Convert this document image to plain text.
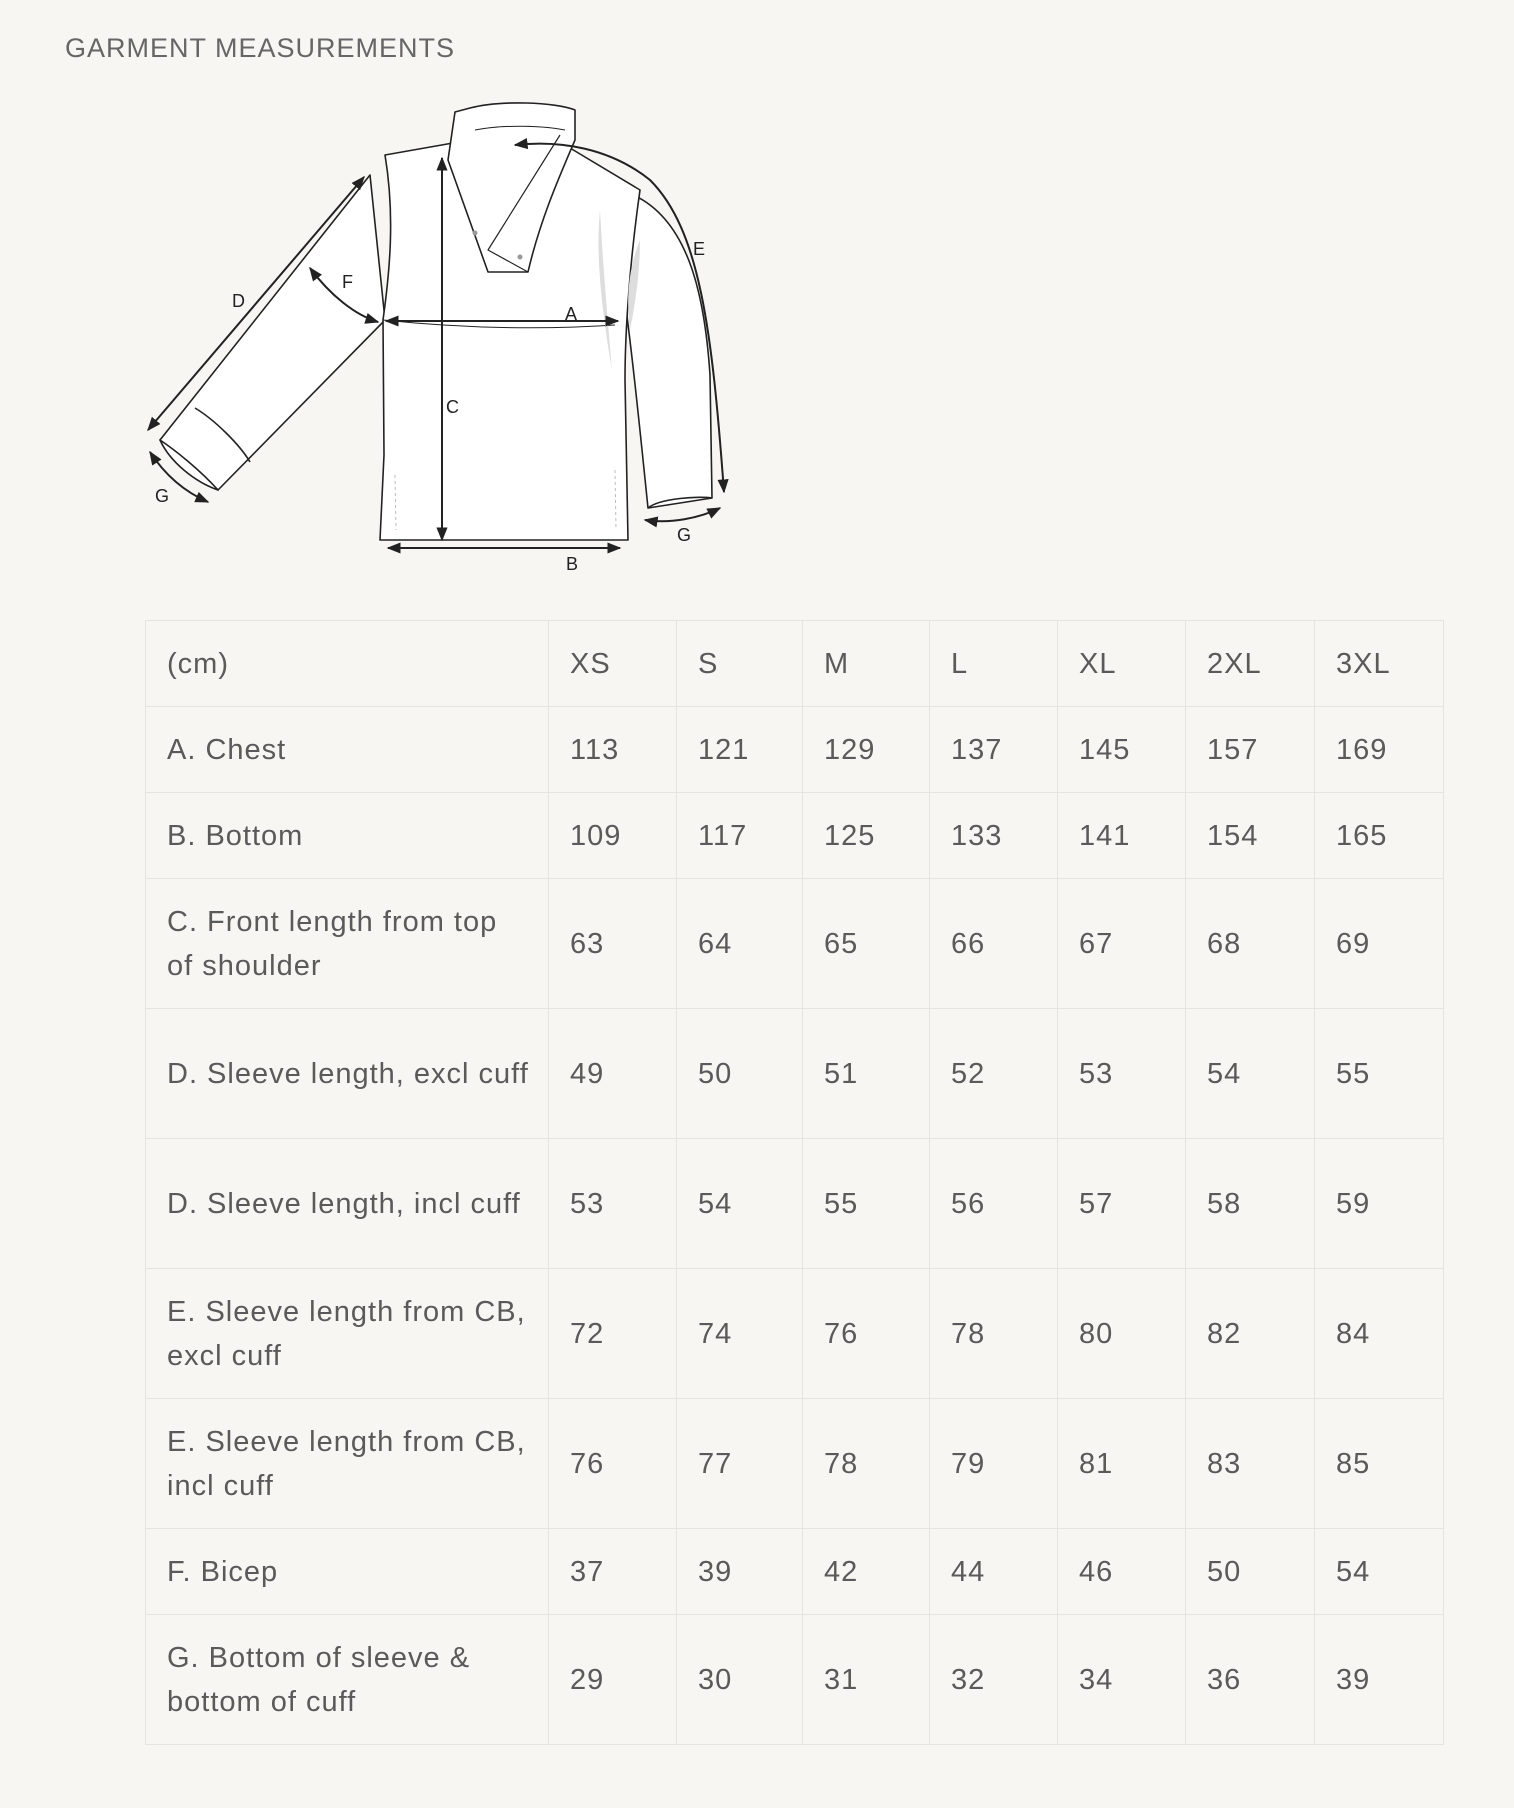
GARMENT MEASUREMENTS
A
B
C
D
E
F
G
G
(cm)	XS	S	M	L	XL	2XL	3XL
A. Chest	113	121	129	137	145	157	169
B. Bottom	109	117	125	133	141	154	165
C. Front length from top of shoulder	63	64	65	66	67	68	69
D. Sleeve length, excl cuff	49	50	51	52	53	54	55
D. Sleeve length, incl cuff	53	54	55	56	57	58	59
E. Sleeve length from CB, excl cuff	72	74	76	78	80	82	84
E. Sleeve length from CB, incl cuff	76	77	78	79	81	83	85
F. Bicep	37	39	42	44	46	50	54
G. Bottom of sleeve & bottom of cuff	29	30	31	32	34	36	39
